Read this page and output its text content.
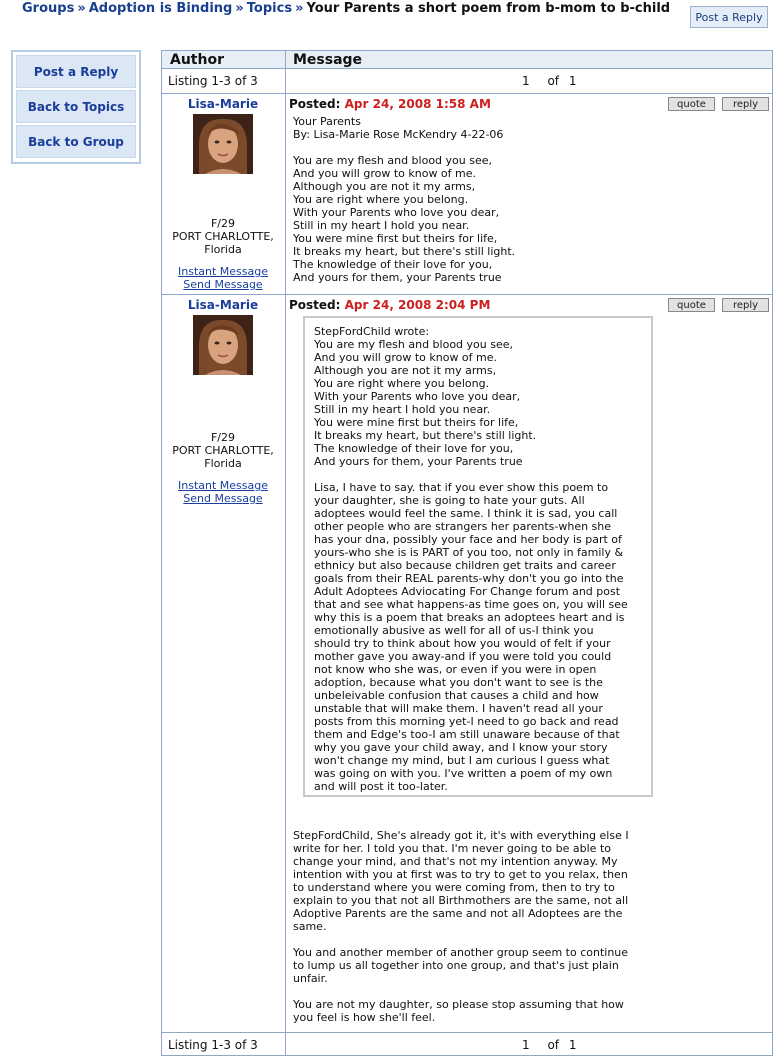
Groups » Adoption is Binding » Topics » Your Parents a short poem from b-mom to b-child
Post a Reply
Post a Reply
Back to Topics
Back to Group
Author	Message
Listing 1-3 of 3	1 of 1
Lisa-Marie
F/29
PORT CHARLOTTE,
Florida
Instant Message
Send Message
Posted: Apr 24, 2008 1:58 AM	quote	reply
Your Parents
By: Lisa-Marie Rose McKendry 4-22-06

You are my flesh and blood you see,
And you will grow to know of me.
Although you are not it my arms,
You are right where you belong.
With your Parents who love you dear,
Still in my heart I hold you near.
You were mine first but theirs for life,
It breaks my heart, but there's still light.
The knowledge of their love for you,
And yours for them, your Parents true
Lisa-Marie
F/29
PORT CHARLOTTE,
Florida
Instant Message
Send Message
Posted: Apr 24, 2008 2:04 PM	quote	reply
StepFordChild wrote:
You are my flesh and blood you see,
And you will grow to know of me.
Although you are not it my arms,
You are right where you belong.
With your Parents who love you dear,
Still in my heart I hold you near.
You were mine first but theirs for life,
It breaks my heart, but there's still light.
The knowledge of their love for you,
And yours for them, your Parents true

Lisa, I have to say. that if you ever show this poem to
your daughter, she is going to hate your guts. All
adoptees would feel the same. I think it is sad, you call
other people who are strangers her parents-when she
has your dna, possibly your face and her body is part of
yours-who she is is PART of you too, not only in family &
ethnicy but also because children get traits and career
goals from their REAL parents-why don't you go into the
Adult Adoptees Adviocating For Change forum and post
that and see what happens-as time goes on, you will see
why this is a poem that breaks an adoptees heart and is
emotionally abusive as well for all of us-I think you
should try to think about how you would of felt if your
mother gave you away-and if you were told you could
not know who she was, or even if you were in open
adoption, because what you don't want to see is the
unbeleivable confusion that causes a child and how
unstable that will make them. I haven't read all your
posts from this morning yet-I need to go back and read
them and Edge's too-I am still unaware because of that
why you gave your child away, and I know your story
won't change my mind, but I am curious I guess what
was going on with you. I've written a poem of my own
and will post it too-later.
StepFordChild, She's already got it, it's with everything else I
write for her. I told you that. I'm never going to be able to
change your mind, and that's not my intention anyway. My
intention with you at first was to try to get to you relax, then
to understand where you were coming from, then to try to
explain to you that not all Birthmothers are the same, not all
Adoptive Parents are the same and not all Adoptees are the
same.

You and another member of another group seem to continue
to lump us all together into one group, and that's just plain
unfair.

You are not my daughter, so please stop assuming that how
you feel is how she'll feel.
Listing 1-3 of 3	1 of 1
